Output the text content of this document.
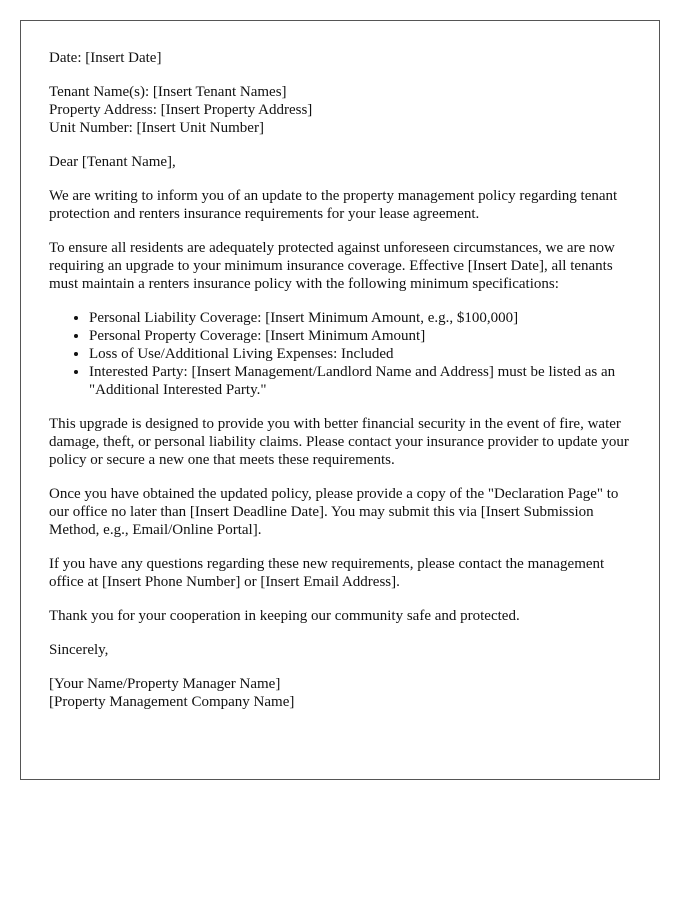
Date: [Insert Date]

Tenant Name(s): [Insert Tenant Names]
Property Address: [Insert Property Address]
Unit Number: [Insert Unit Number]

Dear [Tenant Name],

We are writing to inform you of an update to the property management policy regarding tenant protection and renters insurance requirements for your lease agreement.

To ensure all residents are adequately protected against unforeseen circumstances, we are now requiring an upgrade to your minimum insurance coverage. Effective [Insert Date], all tenants must maintain a renters insurance policy with the following minimum specifications:

• Personal Liability Coverage: [Insert Minimum Amount, e.g., $100,000]
• Personal Property Coverage: [Insert Minimum Amount]
• Loss of Use/Additional Living Expenses: Included
• Interested Party: [Insert Management/Landlord Name and Address] must be listed as an "Additional Interested Party."

This upgrade is designed to provide you with better financial security in the event of fire, water damage, theft, or personal liability claims. Please contact your insurance provider to update your policy or secure a new one that meets these requirements.

Once you have obtained the updated policy, please provide a copy of the "Declaration Page" to our office no later than [Insert Deadline Date]. You may submit this via [Insert Submission Method, e.g., Email/Online Portal].

If you have any questions regarding these new requirements, please contact the management office at [Insert Phone Number] or [Insert Email Address].

Thank you for your cooperation in keeping our community safe and protected.

Sincerely,

[Your Name/Property Manager Name]
[Property Management Company Name]
